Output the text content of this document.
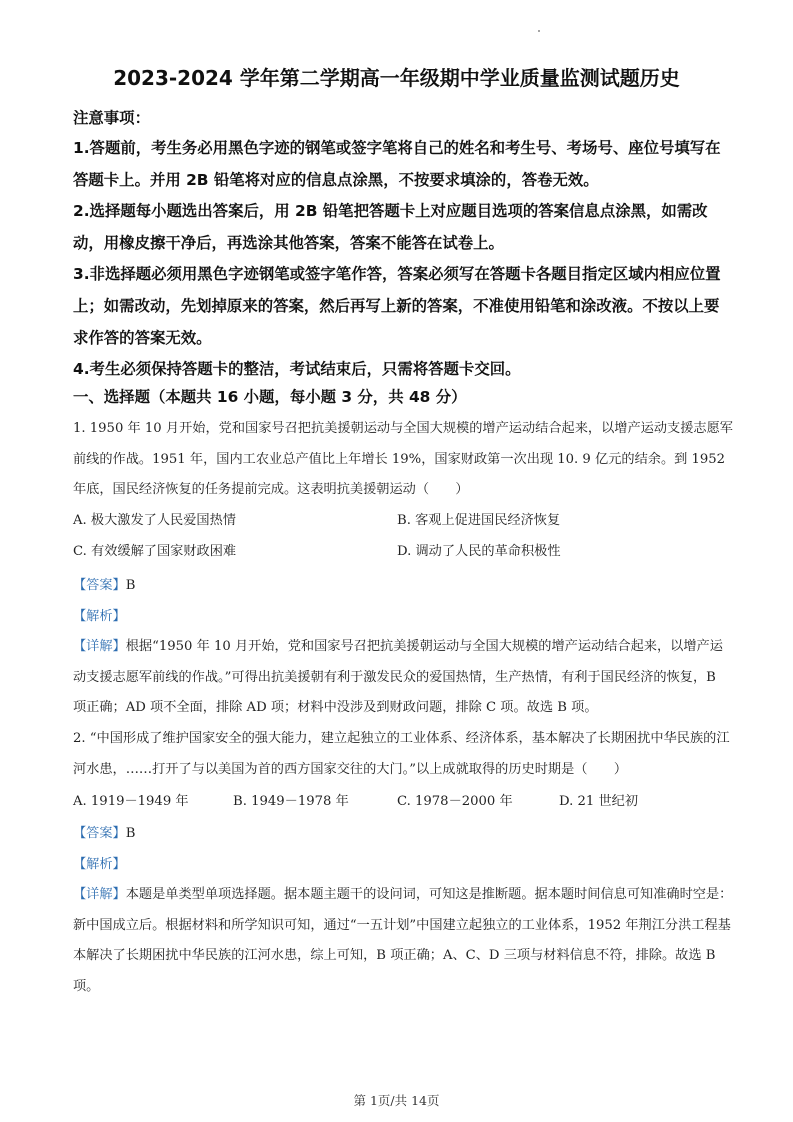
2023-2024 学年第二学期高一年级期中学业质量监测试题历史

注意事项：

1.答题前，考生务必用黑色字迹的钢笔或签字笔将自己的姓名和考生号、考场号、座位号填写在答题卡上。并用 2B 铅笔将对应的信息点涂黑，不按要求填涂的，答卷无效。

2.选择题每小题选出答案后，用 2B 铅笔把答题卡上对应题目选项的答案信息点涂黑，如需改动，用橡皮擦干净后，再选涂其他答案，答案不能答在试卷上。

3.非选择题必须用黑色字迹钢笔或签字笔作答，答案必须写在答题卡各题目指定区域内相应位置上；如需改动，先划掉原来的答案，然后再写上新的答案，不准使用铅笔和涂改液。不按以上要求作答的答案无效。

4.考生必须保持答题卡的整洁，考试结束后，只需将答题卡交回。

一、选择题（本题共 16 小题，每小题 3 分，共 48 分）

1. 1950 年 10 月开始，党和国家号召把抗美援朝运动与全国大规模的增产运动结合起来，以增产运动支援志愿军前线的作战。1951 年，国内工农业总产值比上年增长 19%，国家财政第一次出现 10. 9 亿元的结余。到 1952 年底，国民经济恢复的任务提前完成。这表明抗美援朝运动（　　）

A. 极大激发了人民爱国热情	B. 客观上促进国民经济恢复
C. 有效缓解了国家财政困难	D. 调动了人民的革命积极性

【答案】B

【解析】

【详解】根据“1950 年 10 月开始，党和国家号召把抗美援朝运动与全国大规模的增产运动结合起来，以增产运动支援志愿军前线的作战。”可得出抗美援朝有利于激发民众的爱国热情，生产热情，有利于国民经济的恢复，B 项正确；AD 项不全面，排除 AD 项；材料中没涉及到财政问题，排除 C 项。故选 B 项。

2. “中国形成了维护国家安全的强大能力，建立起独立的工业体系、经济体系，基本解决了长期困扰中华民族的江河水患，……打开了与以美国为首的西方国家交往的大门。”以上成就取得的历史时期是（　　）

A. 1919－1949 年	B. 1949－1978 年	C. 1978－2000 年	D. 21 世纪初

【答案】B

【解析】

【详解】本题是单类型单项选择题。据本题主题干的设问词，可知这是推断题。据本题时间信息可知准确时空是：新中国成立后。根据材料和所学知识可知，通过“一五计划”中国建立起独立的工业体系，1952 年荆江分洪工程基本解决了长期困扰中华民族的江河水患，综上可知，B 项正确；A、C、D 三项与材料信息不符，排除。故选 B 项。

第 1页/共 14页
